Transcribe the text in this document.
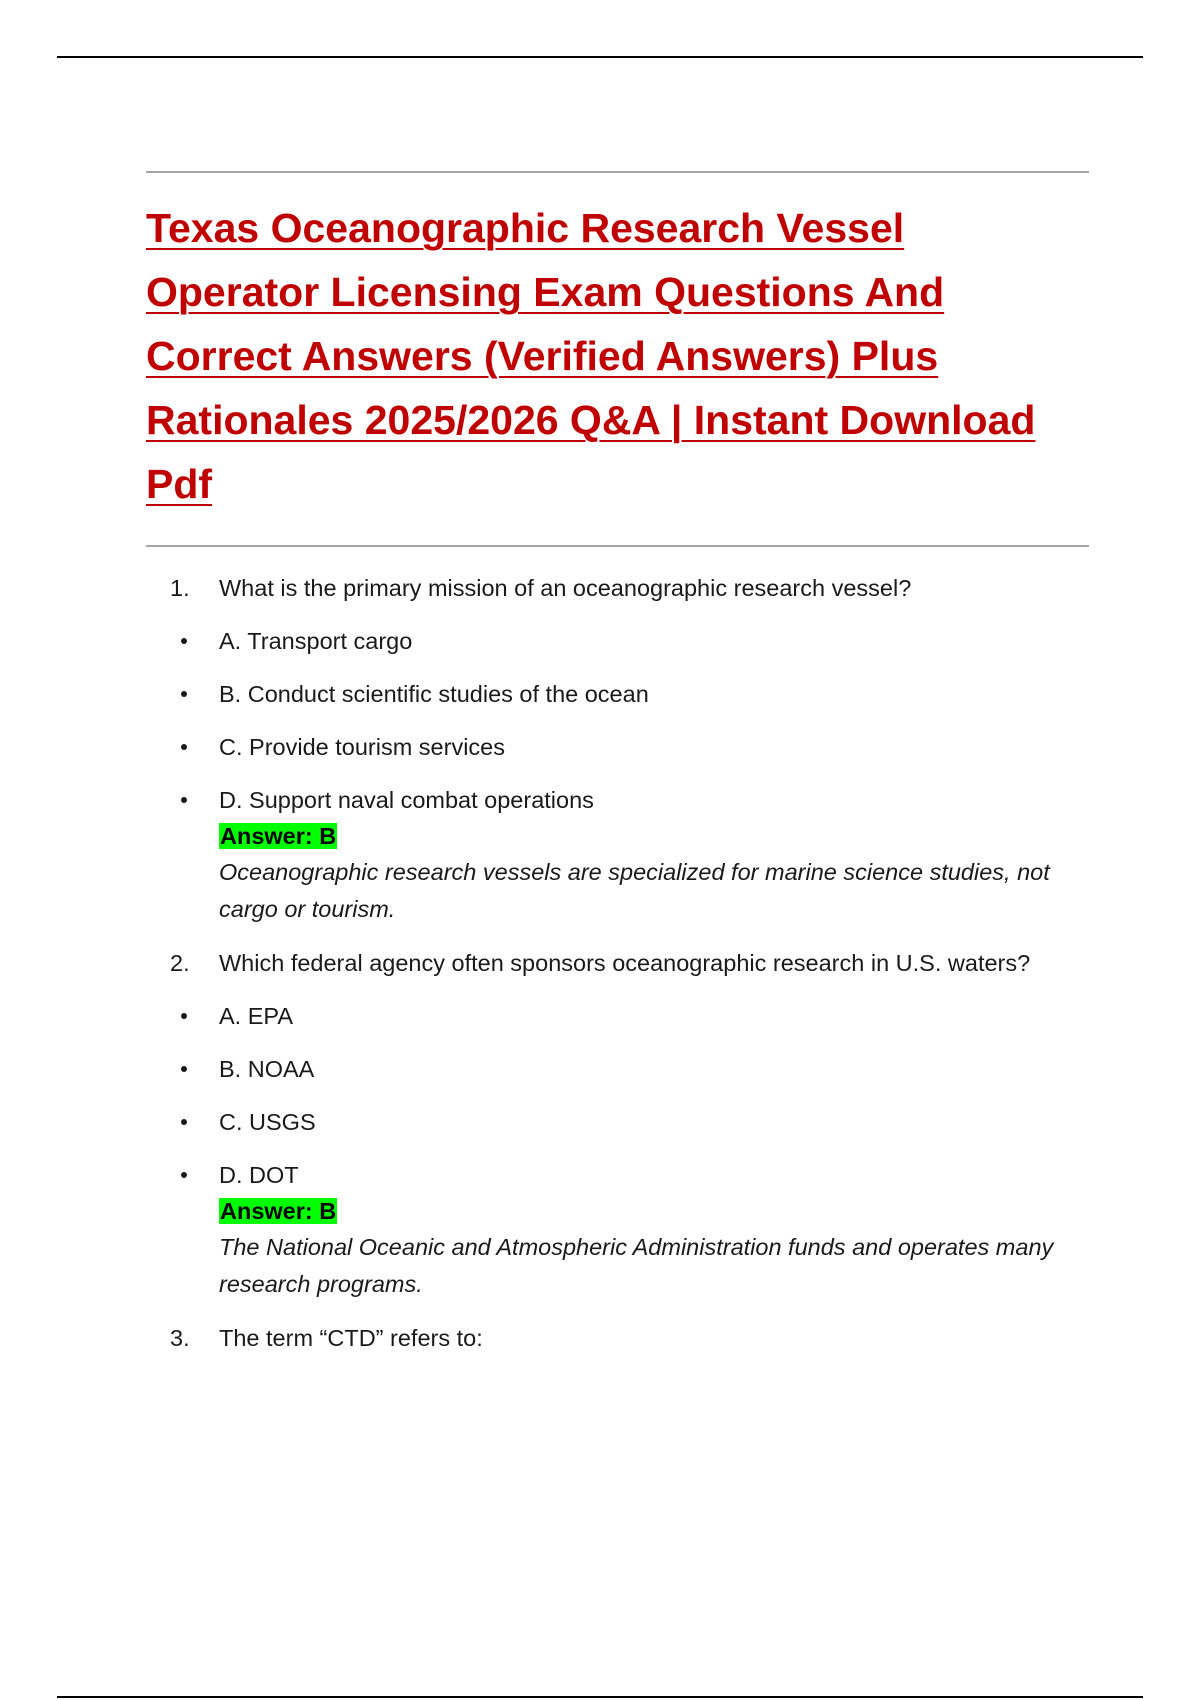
Texas Oceanographic Research Vessel Operator Licensing Exam Questions And Correct Answers (Verified Answers) Plus Rationales 2025/2026 Q&A | Instant Download Pdf
1.	What is the primary mission of an oceanographic research vessel?
A. Transport cargo
B. Conduct scientific studies of the ocean
C. Provide tourism services
D. Support naval combat operations
Answer: B
Oceanographic research vessels are specialized for marine science studies, not cargo or tourism.
2.	Which federal agency often sponsors oceanographic research in U.S. waters?
A. EPA
B. NOAA
C. USGS
D. DOT
Answer: B
The National Oceanic and Atmospheric Administration funds and operates many research programs.
3.	The term “CTD” refers to:
